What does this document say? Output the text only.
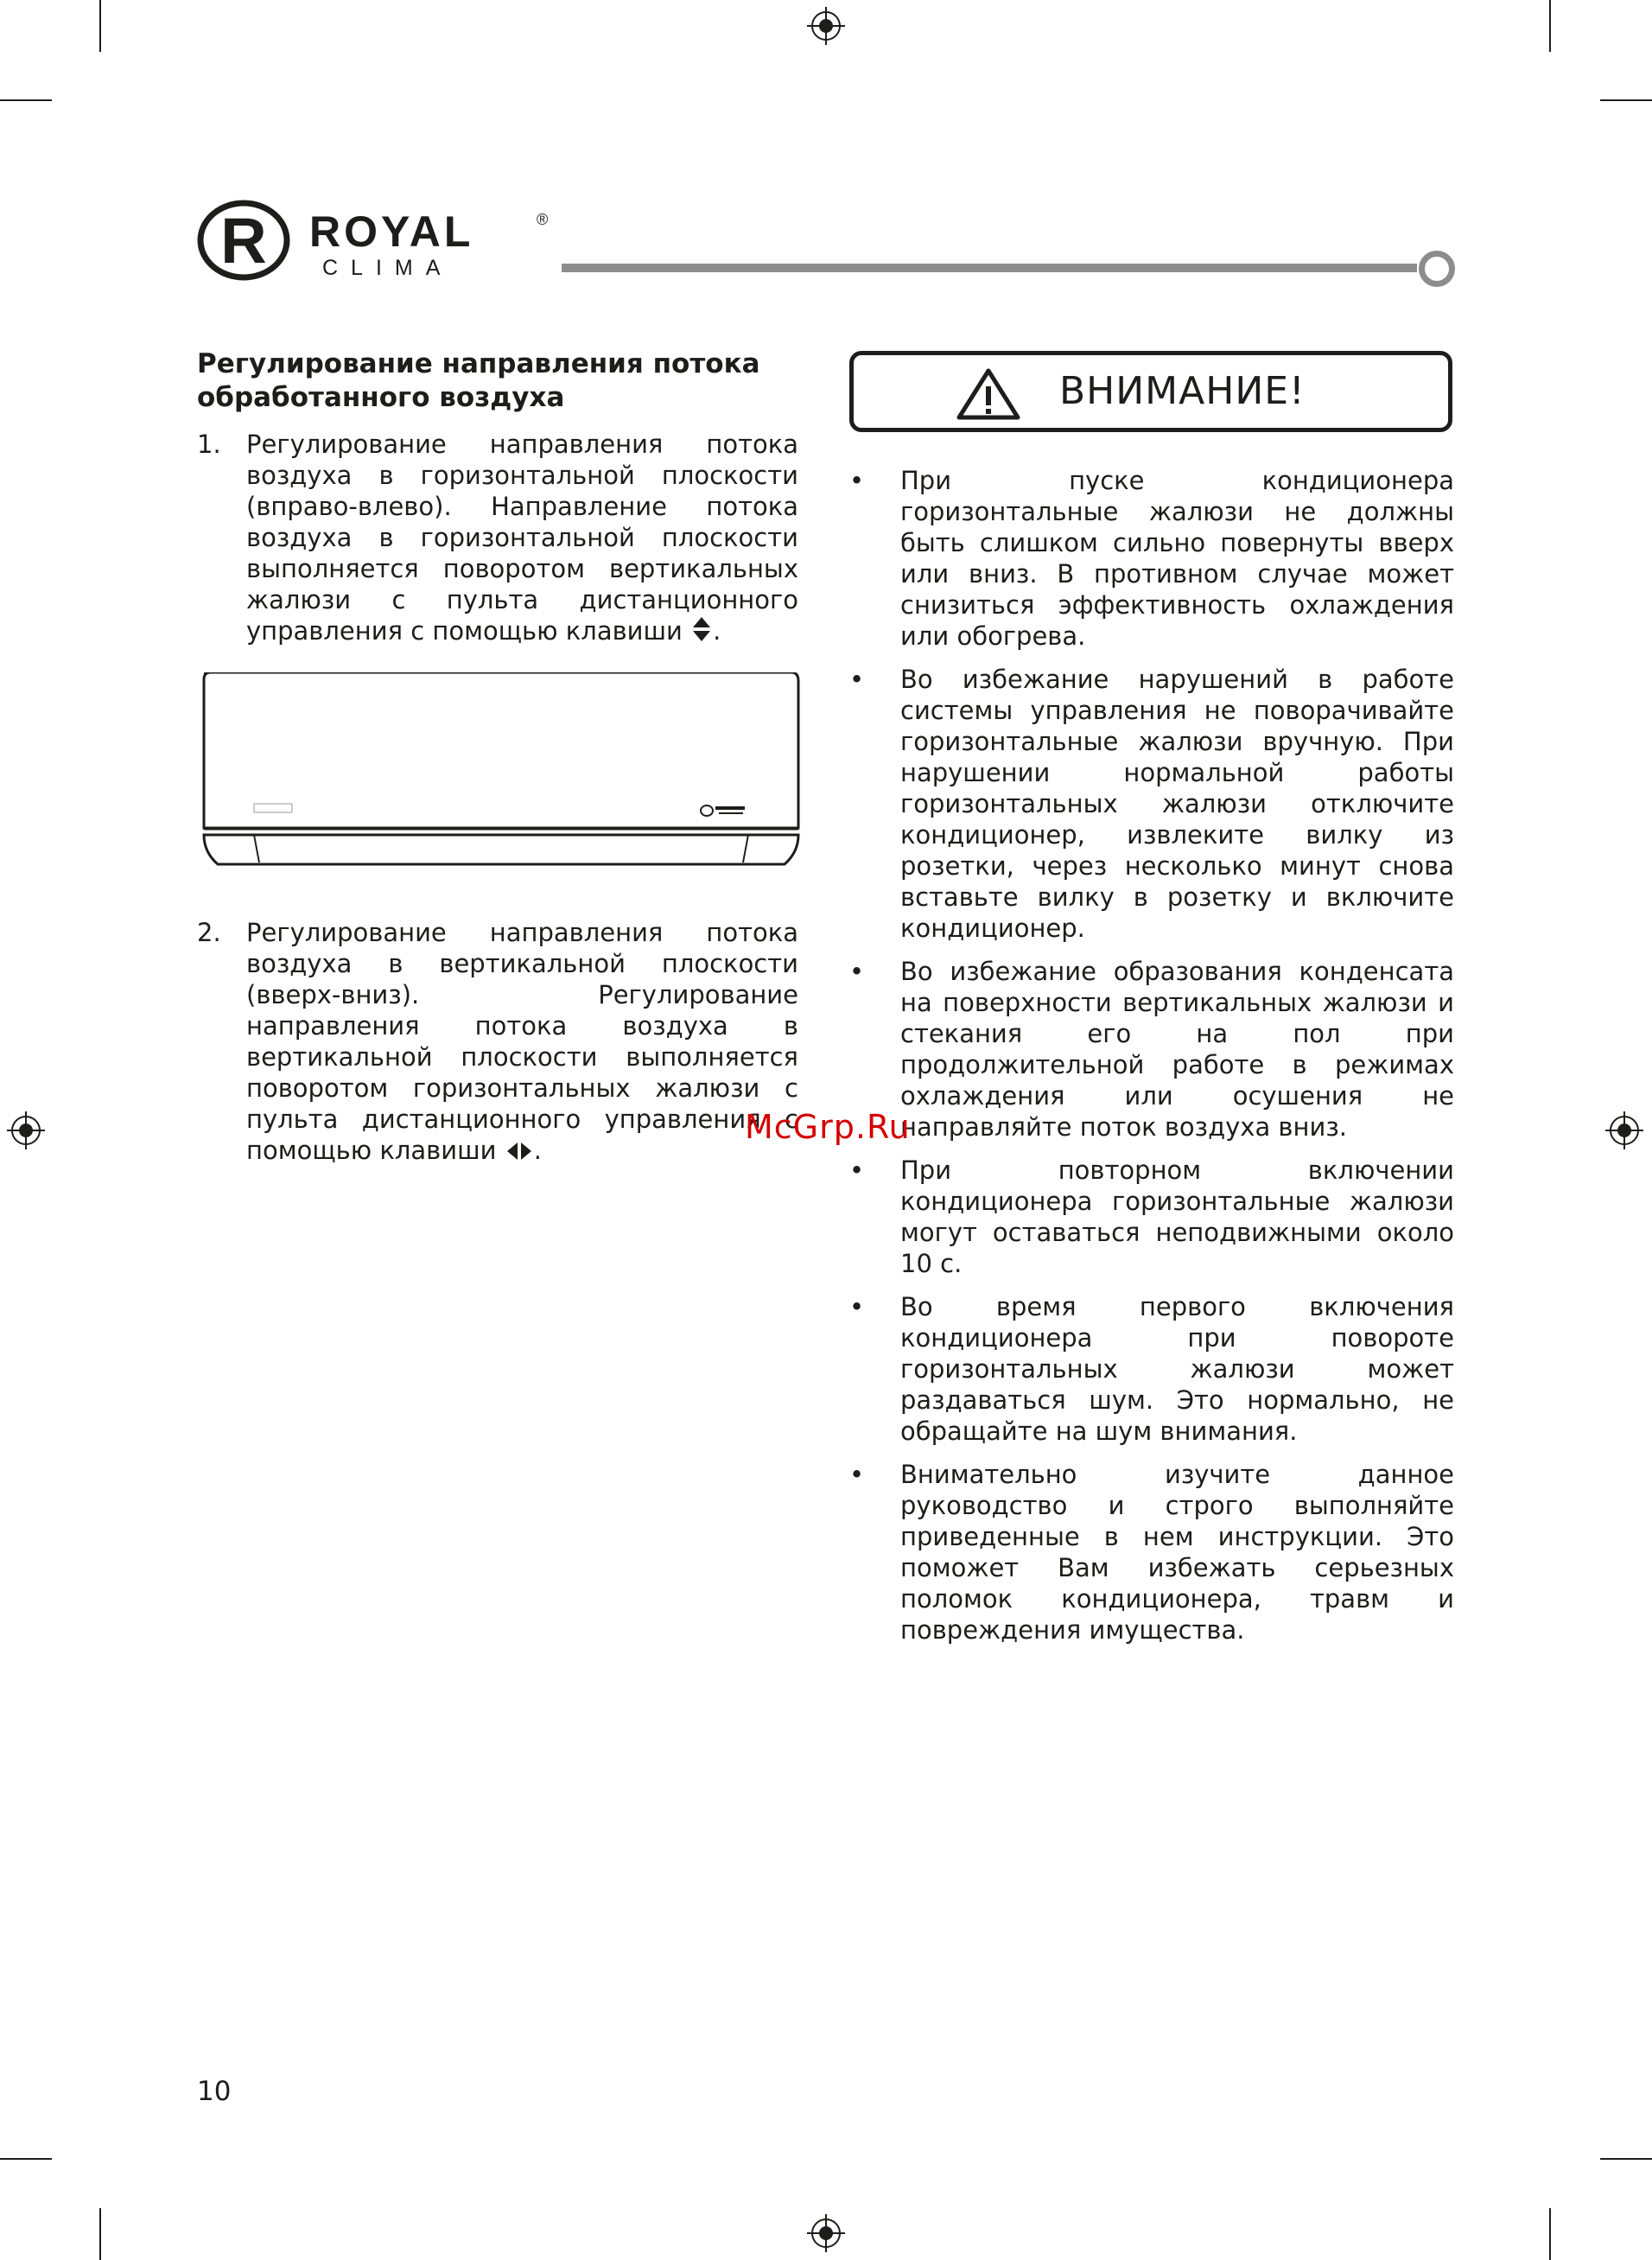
R ROYAL	®
CLIMA
Регулирование направления потока
обработанного воздуха
1. Регулирование направления потока воздуха в горизонтальной плоскости (вправо-влево). Направление потока воздуха в горизонтальной плоскости выполняется поворотом вертикальных жалюзи с пульта дистанционного управления с помощью клавиши .
2. Регулирование направления потока воздуха в вертикальной плоскости (вверх-вниз). Регулирование направления потока воздуха в вертикальной плоскости выполняется поворотом горизонтальных жалюзи с пульта дистанционного управления с помощью клавиши .
ВНИМАНИЕ!
• При пуске кондиционера горизонтальные жалюзи не должны быть слишком сильно повернуты вверх или вниз. В противном случае может снизиться эффективность охлаждения или обогрева.
• Во избежание нарушений в работе системы управления не поворачивайте горизонтальные жалюзи вручную. При нарушении нормальной работы горизонтальных жалюзи отключите кондиционер, извлеките вилку из розетки, через несколько минут снова вставьте вилку в розетку и включите кондиционер.
• Во избежание образования конденсата на поверхности вертикальных жалюзи и стекания его на пол при продолжительной работе в режимах охлаждения или осушения не направляйте поток воздуха вниз.
• При повторном включении кондиционера горизонтальные жалюзи могут оставаться неподвижными около 10 с.
• Во время первого включения кондиционера при повороте горизонтальных жалюзи может раздаваться шум. Это нормально, не обращайте на шум внимания.
• Внимательно изучите данное руководство и строго выполняйте приведенные в нем инструкции. Это поможет Вам избежать серьезных поломок кондиционера, травм и повреждения имущества.
McGrp.Ru
10
